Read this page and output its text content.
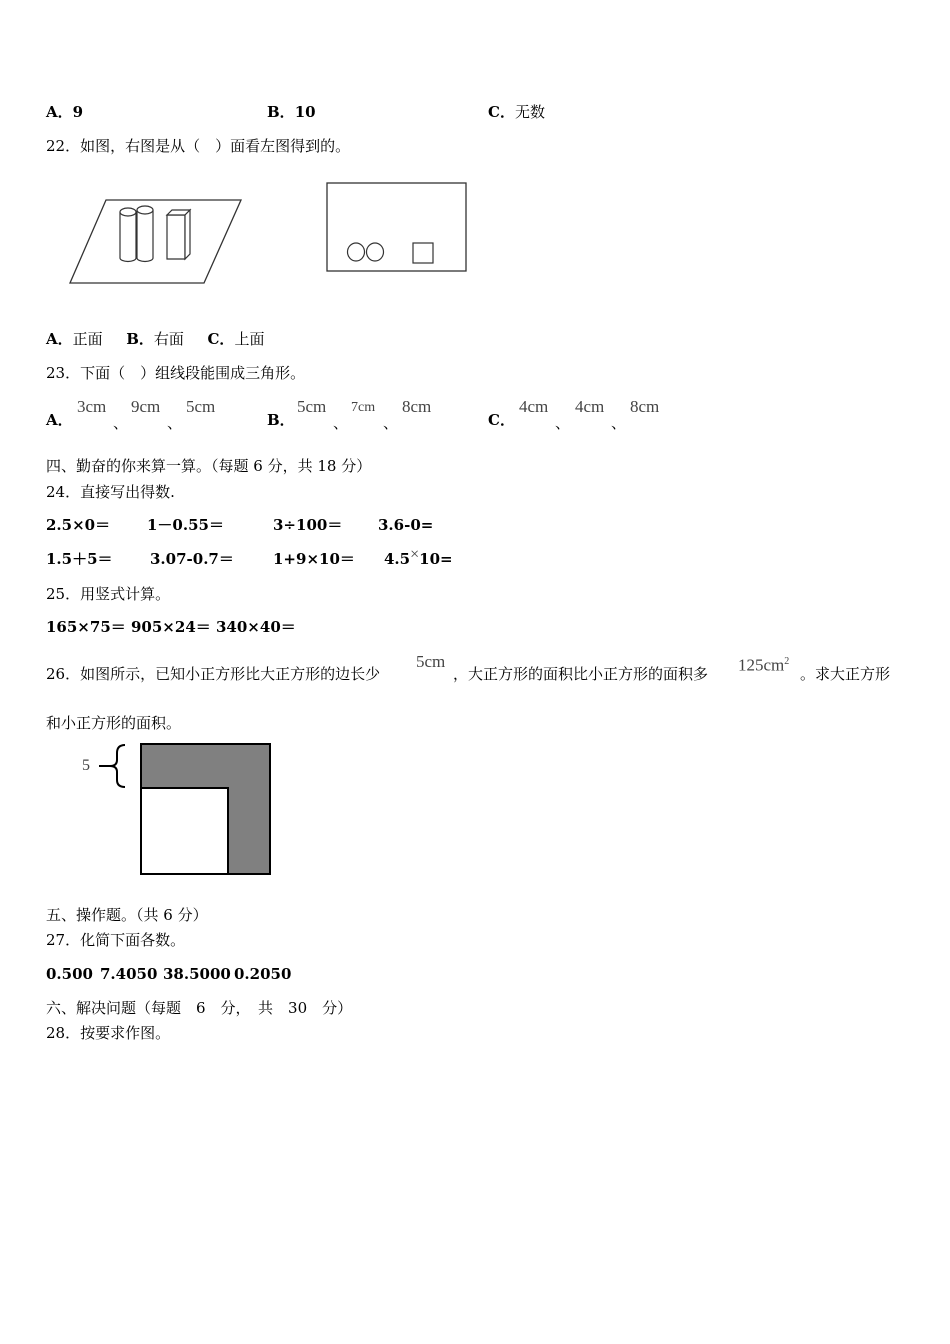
A．9	B．10	C．无数
22．如图，右图是从（　）面看左图得到的。
A．正面 B．右面 C．上面
23．下面（　）组线段能围成三角形。
A．
3cm
、
9cm
、
5cm
B．
5cm
、
7cm
、
8cm
C．
4cm
、
4cm
、
8cm
四、勤奋的你来算一算。（每题 6 分，共 18 分）
24．直接写出得数.
2.5×0＝ 1－0.55＝	3÷100＝ 3.6-0=
1.5＋5＝ 3.07-0.7＝	1+9×10＝ 4.5×10=
25．用竖式计算。
165×75＝ 905×24＝ 340×40＝
26．如图所示，已知小正方形比大正方形的边长少
5cm
，大正方形的面积比小正方形的面积多 $125cm^2$
。求大正方形
和小正方形的面积。
5
五、操作题。（共 6 分）
27．化简下面各数。
0.500 7.4050 38.5000 0.2050
六、解决问题（每题　6　分，　共　30　分）
28．按要求作图。
